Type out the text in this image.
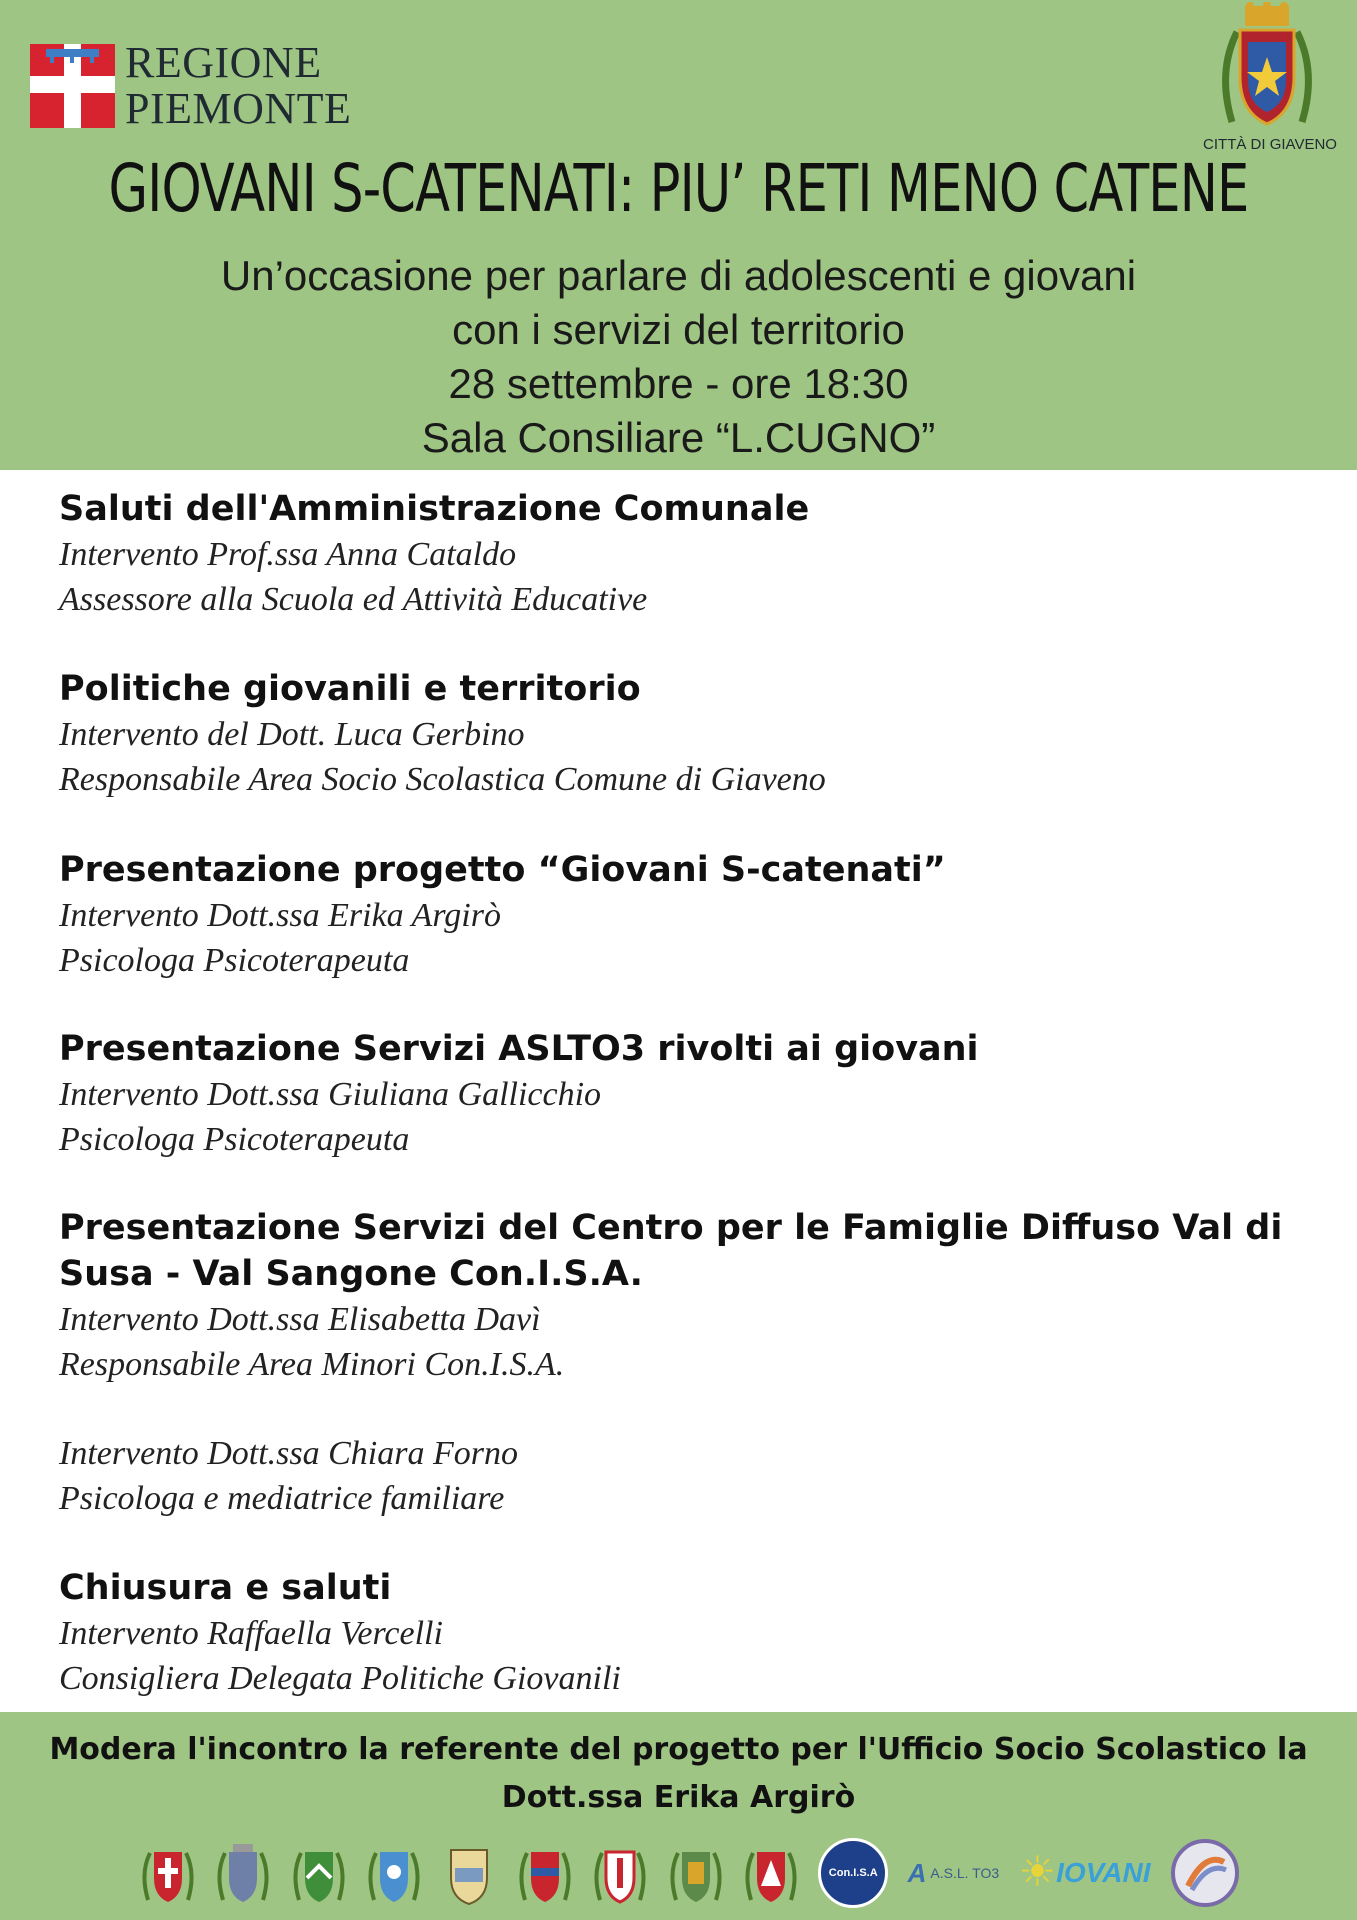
REGIONE
PIEMONTE
CITTÀ DI GIAVENO
GIOVANI S-CATENATI: PIU’ RETI MENO CATENE
Un’occasione per parlare di adolescenti e giovani
con i servizi del territorio
28 settembre - ore 18:30
Sala Consiliare “L.CUGNO”
Saluti dell'Amministrazione Comunale
Intervento Prof.ssa Anna Cataldo
Assessore alla Scuola ed Attività Educative
Politiche giovanili e territorio
Intervento del Dott. Luca Gerbino
Responsabile Area Socio Scolastica Comune di Giaveno
Presentazione progetto “Giovani S-catenati”
Intervento Dott.ssa Erika Argirò
Psicologa Psicoterapeuta
Presentazione Servizi ASLTO3 rivolti ai giovani
Intervento Dott.ssa Giuliana Gallicchio
Psicologa Psicoterapeuta
Presentazione Servizi del Centro per le Famiglie Diffuso Val di
Susa - Val Sangone Con.I.S.A.
Intervento Dott.ssa Elisabetta Davì
Responsabile Area Minori Con.I.S.A.
Intervento Dott.ssa Chiara Forno
Psicologa e mediatrice familiare
Chiusura e saluti
Intervento Raffaella Vercelli
Consigliera Delegata Politiche Giovanili
Modera l'incontro la referente del progetto per l'Ufficio Socio Scolastico la
Dott.ssa Erika Argirò
Con.I.S.A A A.S.L. TO3 ☀ IOVANI
